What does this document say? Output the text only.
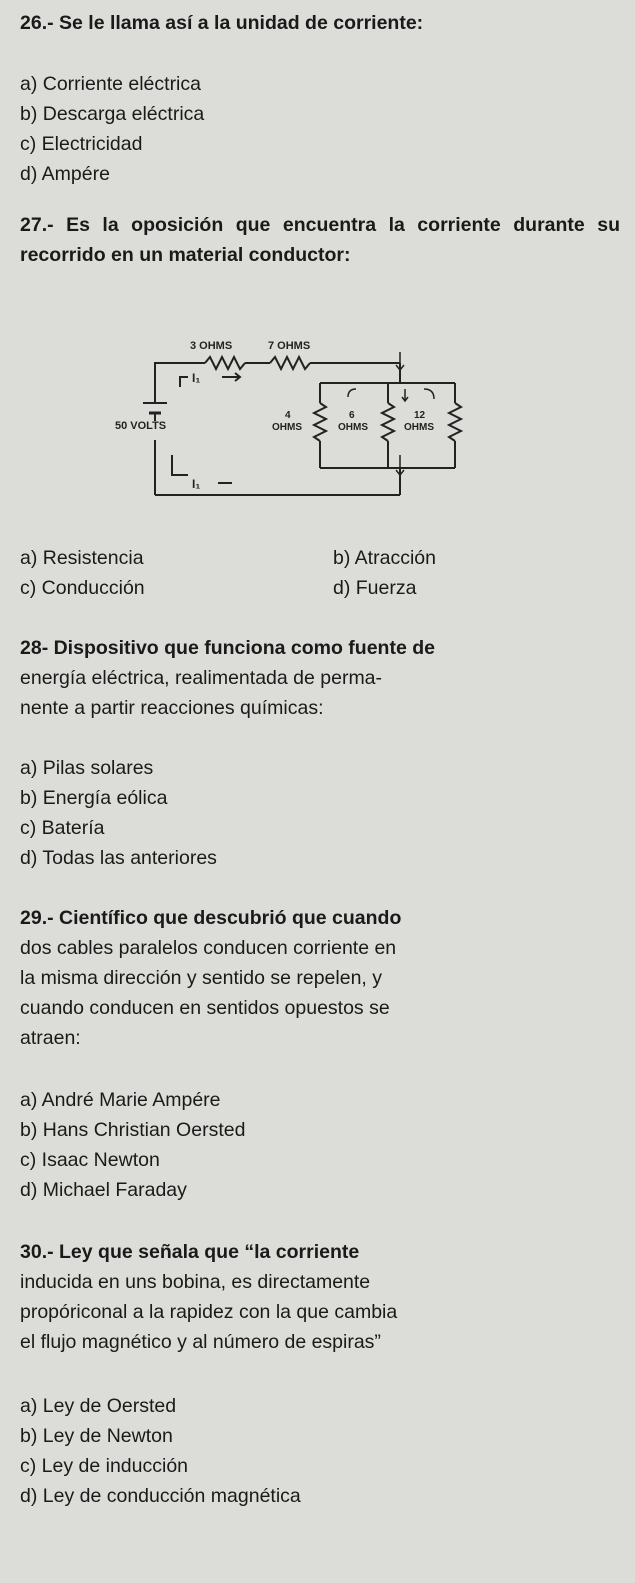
26.- Se le llama así a la unidad de corriente:
a) Corriente eléctrica
b) Descarga eléctrica
c) Electricidad
d) Ampére
27.- Es la oposición que encuentra la corriente durante su recorrido en un material conductor:
3 OHMS	7 OHMS
50 VOLTS
I₁
I₁
4
OHMS
6
OHMS
12
OHMS
a) Resistencia	b) Atracción
c) Conducción	d) Fuerza
28- Dispositivo que funciona como fuente de
energía eléctrica, realimentada de perma-
nente a partir reacciones químicas:
a) Pilas solares
b) Energía eólica
c) Batería
d) Todas las anteriores
29.- Científico que descubrió que cuando
dos cables paralelos conducen corriente en
la misma dirección y sentido se repelen, y
cuando conducen en sentidos opuestos se
atraen:
a) André Marie Ampére
b) Hans Christian Oersted
c) Isaac Newton
d) Michael Faraday
30.- Ley que señala que “la corriente
inducida en uns bobina, es directamente
propóriconal a la rapidez con la que cambia
el flujo magnético y al número de espiras”
a) Ley de Oersted
b) Ley de Newton
c) Ley de inducción
d) Ley de conducción magnética
